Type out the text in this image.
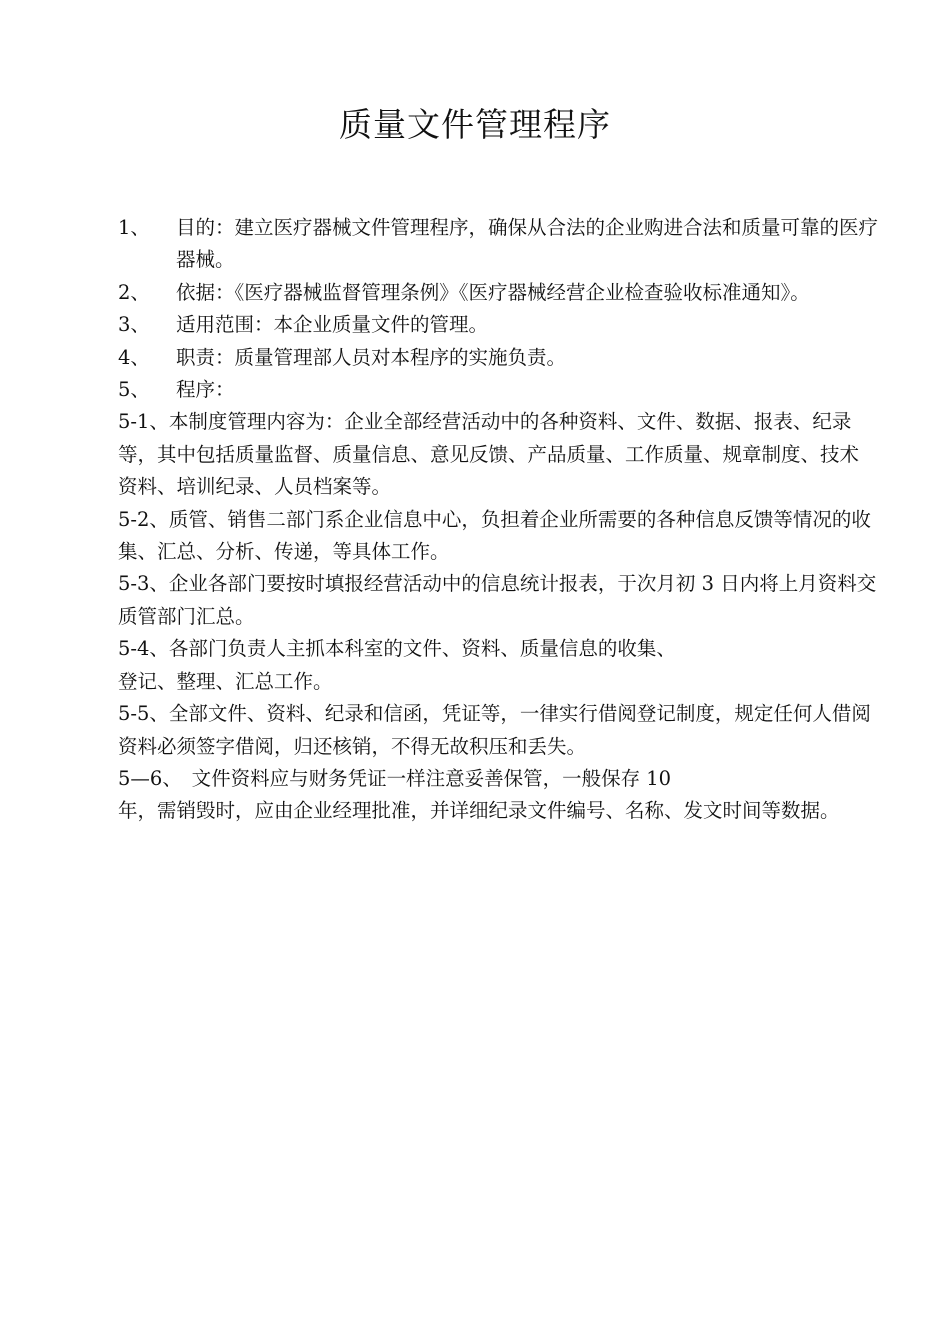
质量文件管理程序
1、	目的：建立医疗器械文件管理程序，确保从合法的企业购进合法和质量可靠的医疗器械。
2、	依据：《医疗器械监督管理条例》《医疗器械经营企业检查验收标准通知》。
3、	适用范围：本企业质量文件的管理。
4、	职责：质量管理部人员对本程序的实施负责。
5、	程序：

5-1、本制度管理内容为：企业全部经营活动中的各种资料、文件、数据、报表、纪录等，其中包括质量监督、质量信息、意见反馈、产品质量、工作质量、规章制度、技术资料、培训纪录、人员档案等。

5-2、质管、销售二部门系企业信息中心，负担着企业所需要的各种信息反馈等情况的收集、汇总、分析、传递，等具体工作。

5-3、企业各部门要按时填报经营活动中的信息统计报表，于次月初 3 日内将上月资料交质管部门汇总。

5-4、各部门负责人主抓本科室的文件、资料、质量信息的收集、
登记、整理、汇总工作。

5-5、全部文件、资料、纪录和信函，凭证等，一律实行借阅登记制度，规定任何人借阅资料必须签字借阅，归还核销，不得无故积压和丢失。

5—6、　文件资料应与财务凭证一样注意妥善保管，一般保存 10
年，需销毁时，应由企业经理批准，并详细纪录文件编号、名称、发文时间等数据。
